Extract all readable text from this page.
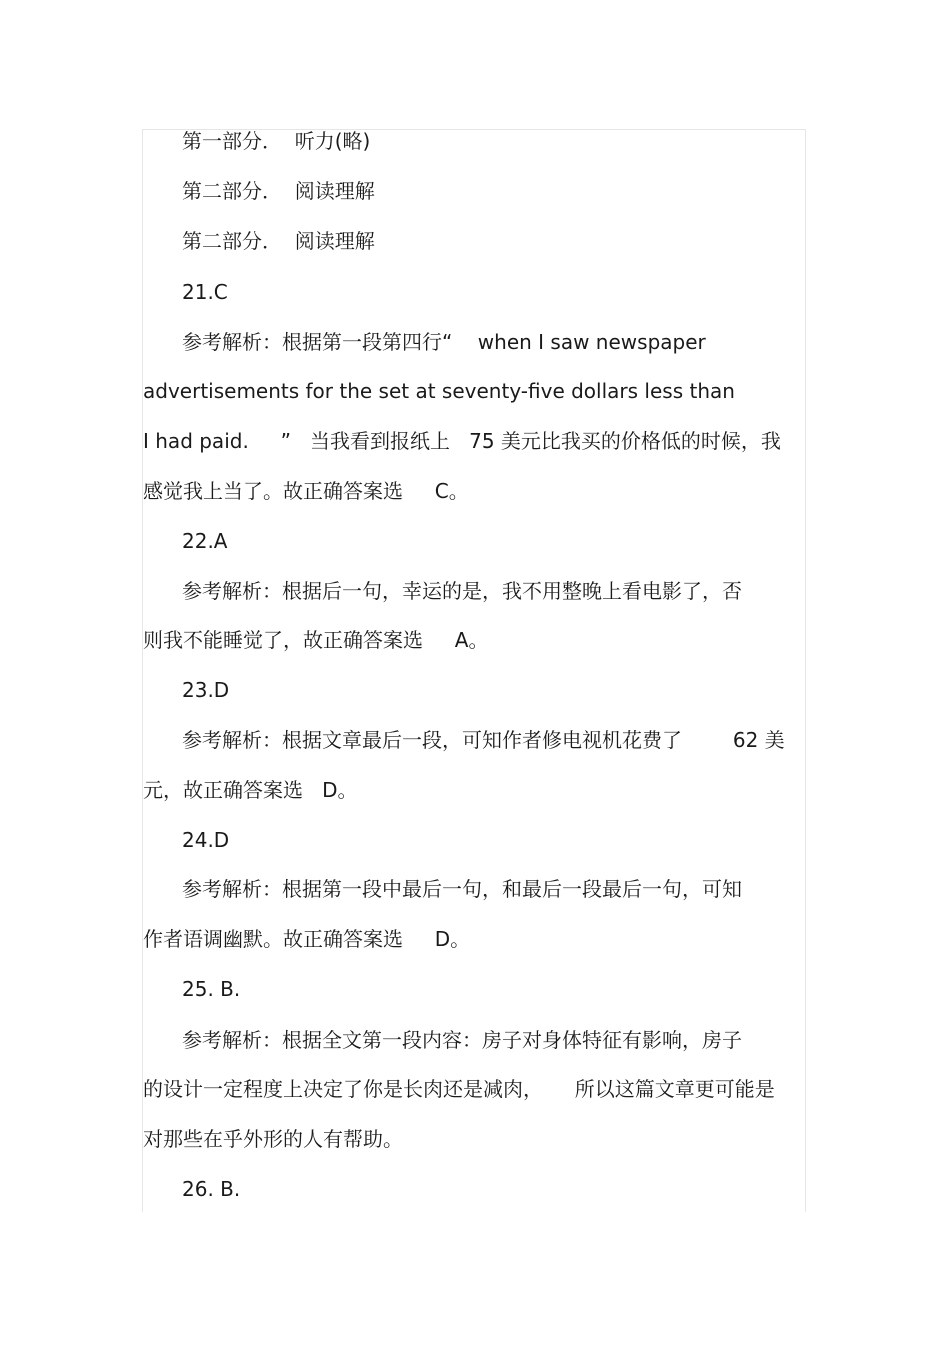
第一部分．  听力(略)
第二部分．  阅读理解
第二部分．  阅读理解
21.C
参考解析：根据第一段第四行“    when I saw newspaper
advertisements for the set at seventy-five dollars less than
I had paid.     ”   当我看到报纸上   75 美元比我买的价格低的时候，我
感觉我上当了。故正确答案选     C。
22.A
参考解析：根据后一句，幸运的是，我不用整晚上看电影了，否
则我不能睡觉了，故正确答案选     A。
23.D
参考解析：根据文章最后一段，可知作者修电视机花费了        62 美
元，故正确答案选   D。
24.D
参考解析：根据第一段中最后一句，和最后一段最后一句，可知
作者语调幽默。故正确答案选     D。
25. B.
参考解析：根据全文第一段内容：房子对身体特征有影响，房子
的设计一定程度上决定了你是长肉还是减肉，     所以这篇文章更可能是
对那些在乎外形的人有帮助。
26. B.
